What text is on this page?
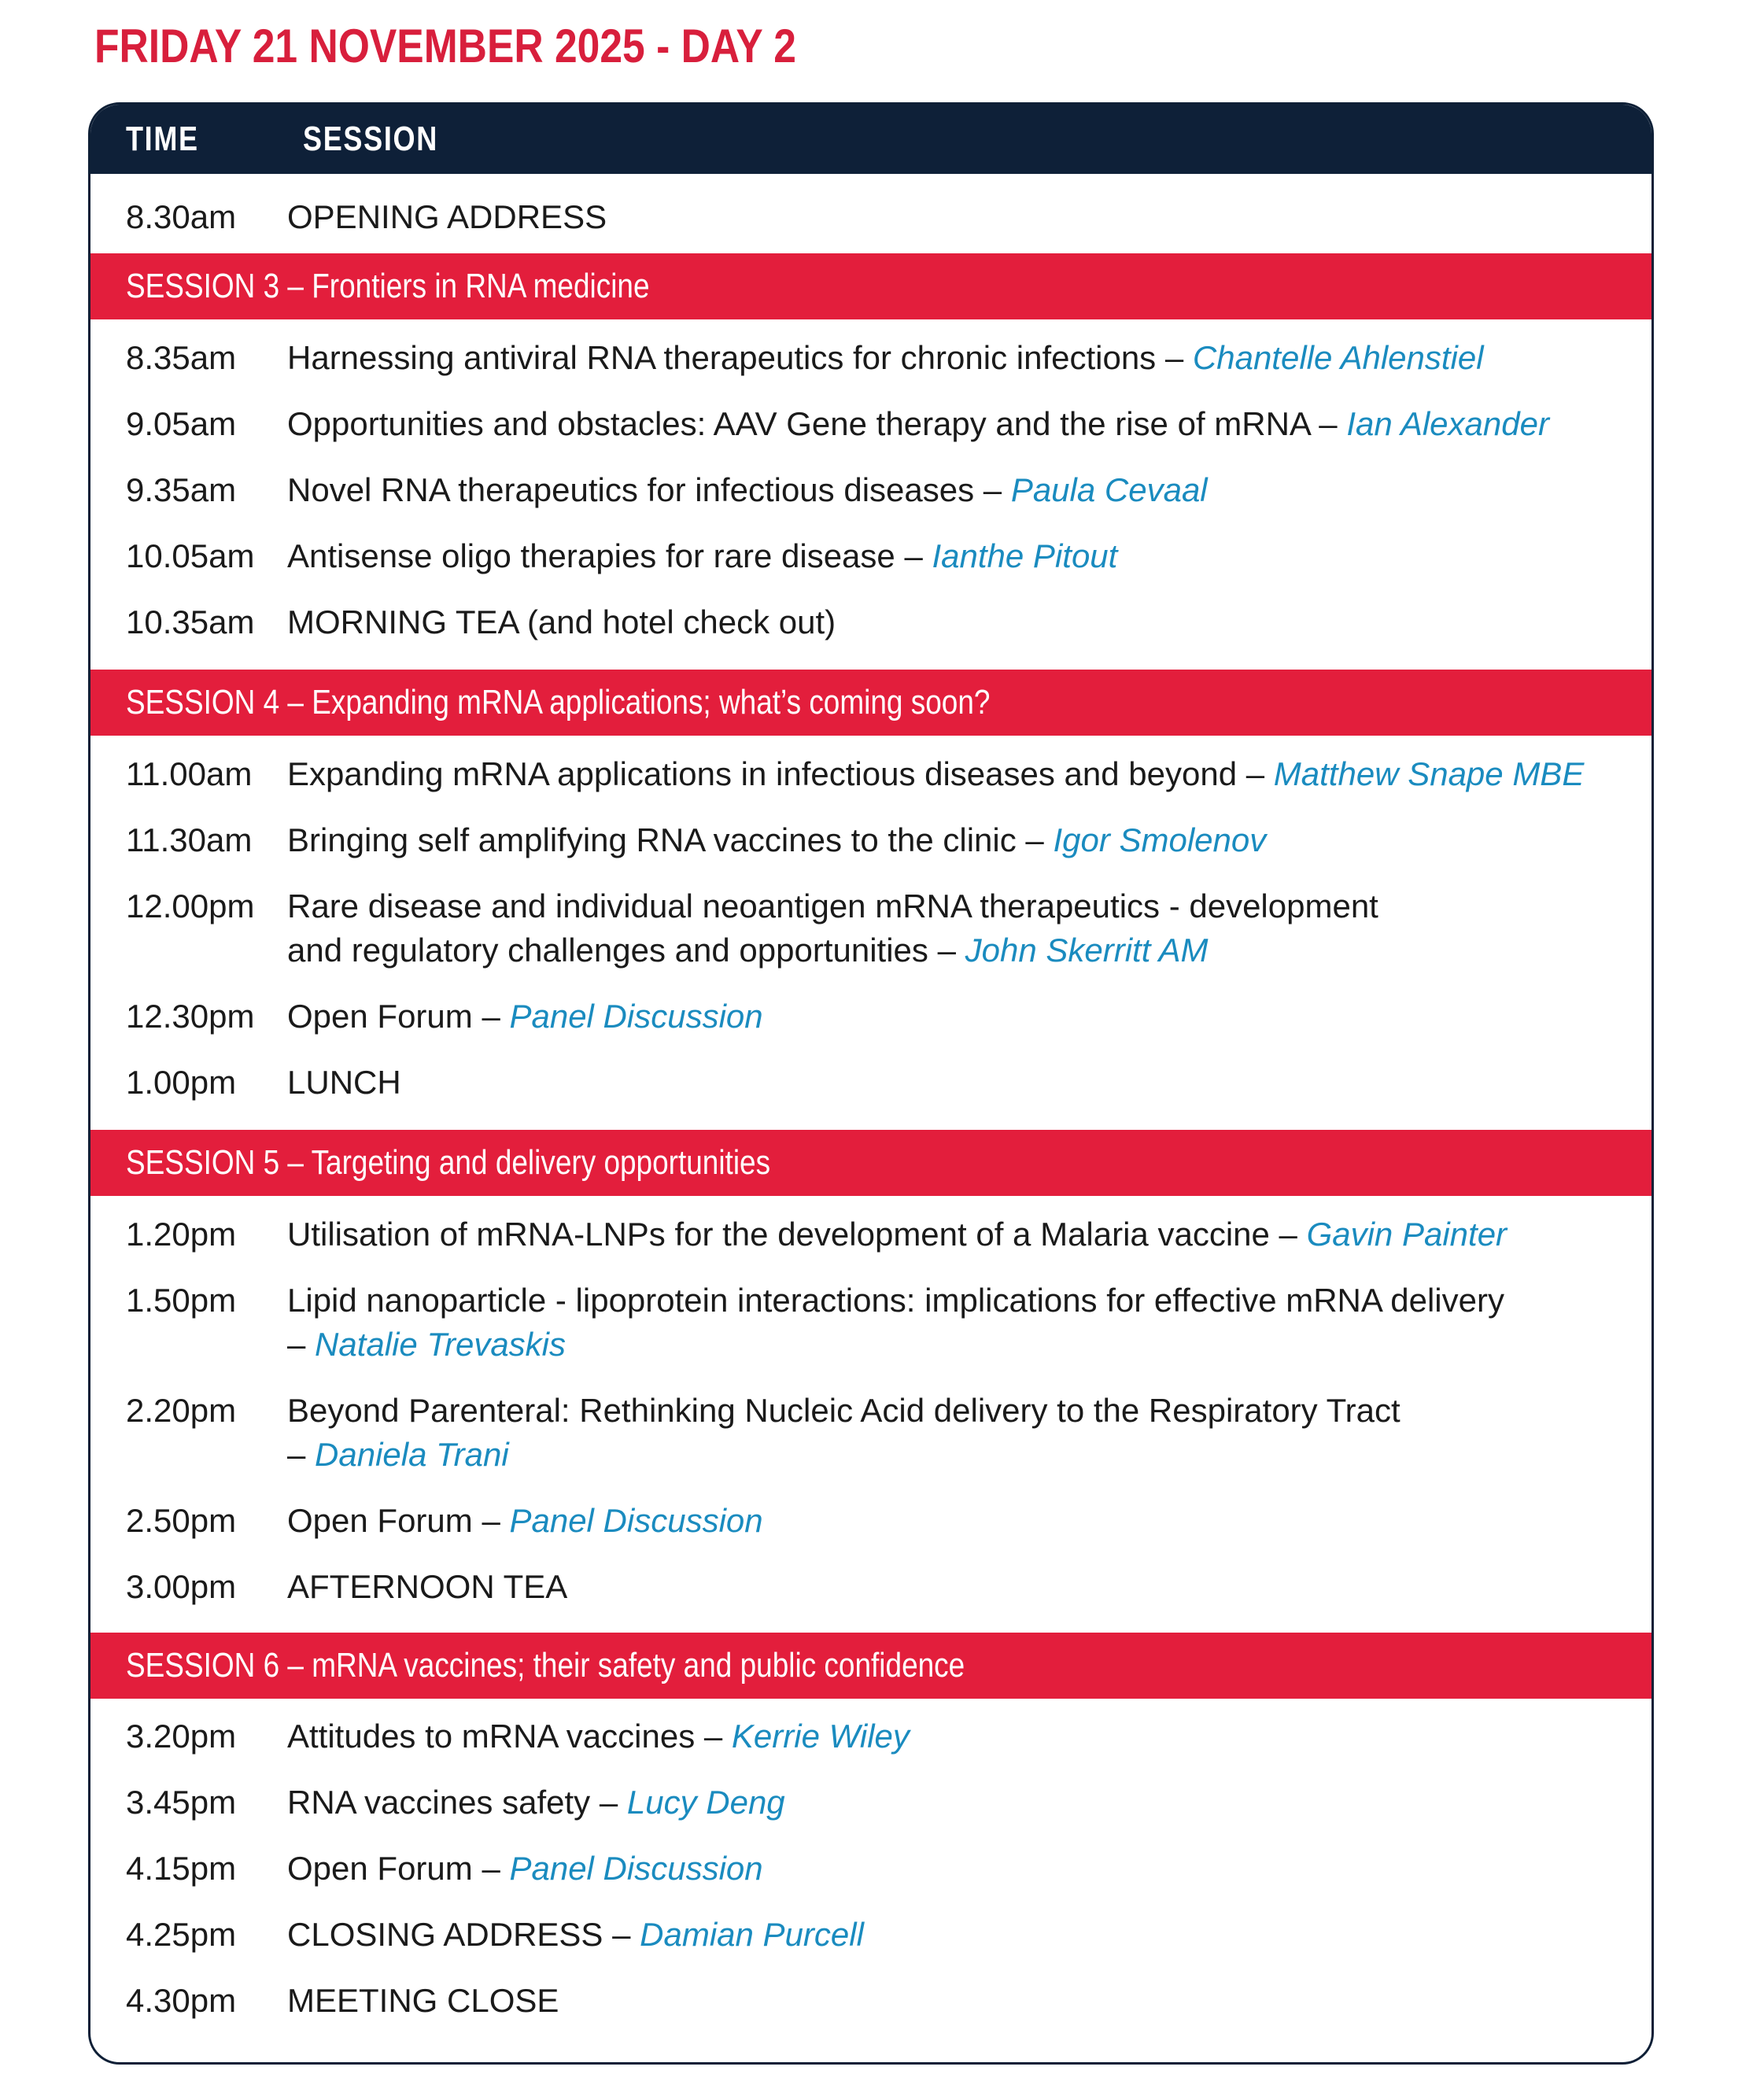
FRIDAY 21 NOVEMBER 2025 - DAY 2
TIME	SESSION
8.30am OPENING ADDRESS
SESSION 3 – Frontiers in RNA medicine
8.35am Harnessing antiviral RNA therapeutics for chronic infections – Chantelle Ahlenstiel
9.05am Opportunities and obstacles: AAV Gene therapy and the rise of mRNA – Ian Alexander
9.35am Novel RNA therapeutics for infectious diseases – Paula Cevaal
10.05am Antisense oligo therapies for rare disease – Ianthe Pitout
10.35am MORNING TEA (and hotel check out)
SESSION 4 – Expanding mRNA applications; what’s coming soon?
11.00am Expanding mRNA applications in infectious diseases and beyond – Matthew Snape MBE
11.30am Bringing self amplifying RNA vaccines to the clinic – Igor Smolenov
12.00pm Rare disease and individual neoantigen mRNA therapeutics - development
and regulatory challenges and opportunities – John Skerritt AM
12.30pm Open Forum – Panel Discussion
1.00pm LUNCH
SESSION 5 – Targeting and delivery opportunities
1.20pm Utilisation of mRNA-LNPs for the development of a Malaria vaccine – Gavin Painter
1.50pm Lipid nanoparticle - lipoprotein interactions: implications for effective mRNA delivery
– Natalie Trevaskis
2.20pm Beyond Parenteral: Rethinking Nucleic Acid delivery to the Respiratory Tract
– Daniela Trani
2.50pm Open Forum – Panel Discussion
3.00pm AFTERNOON TEA
SESSION 6 – mRNA vaccines; their safety and public confidence
3.20pm Attitudes to mRNA vaccines – Kerrie Wiley
3.45pm RNA vaccines safety – Lucy Deng
4.15pm Open Forum – Panel Discussion
4.25pm CLOSING ADDRESS – Damian Purcell
4.30pm MEETING CLOSE
